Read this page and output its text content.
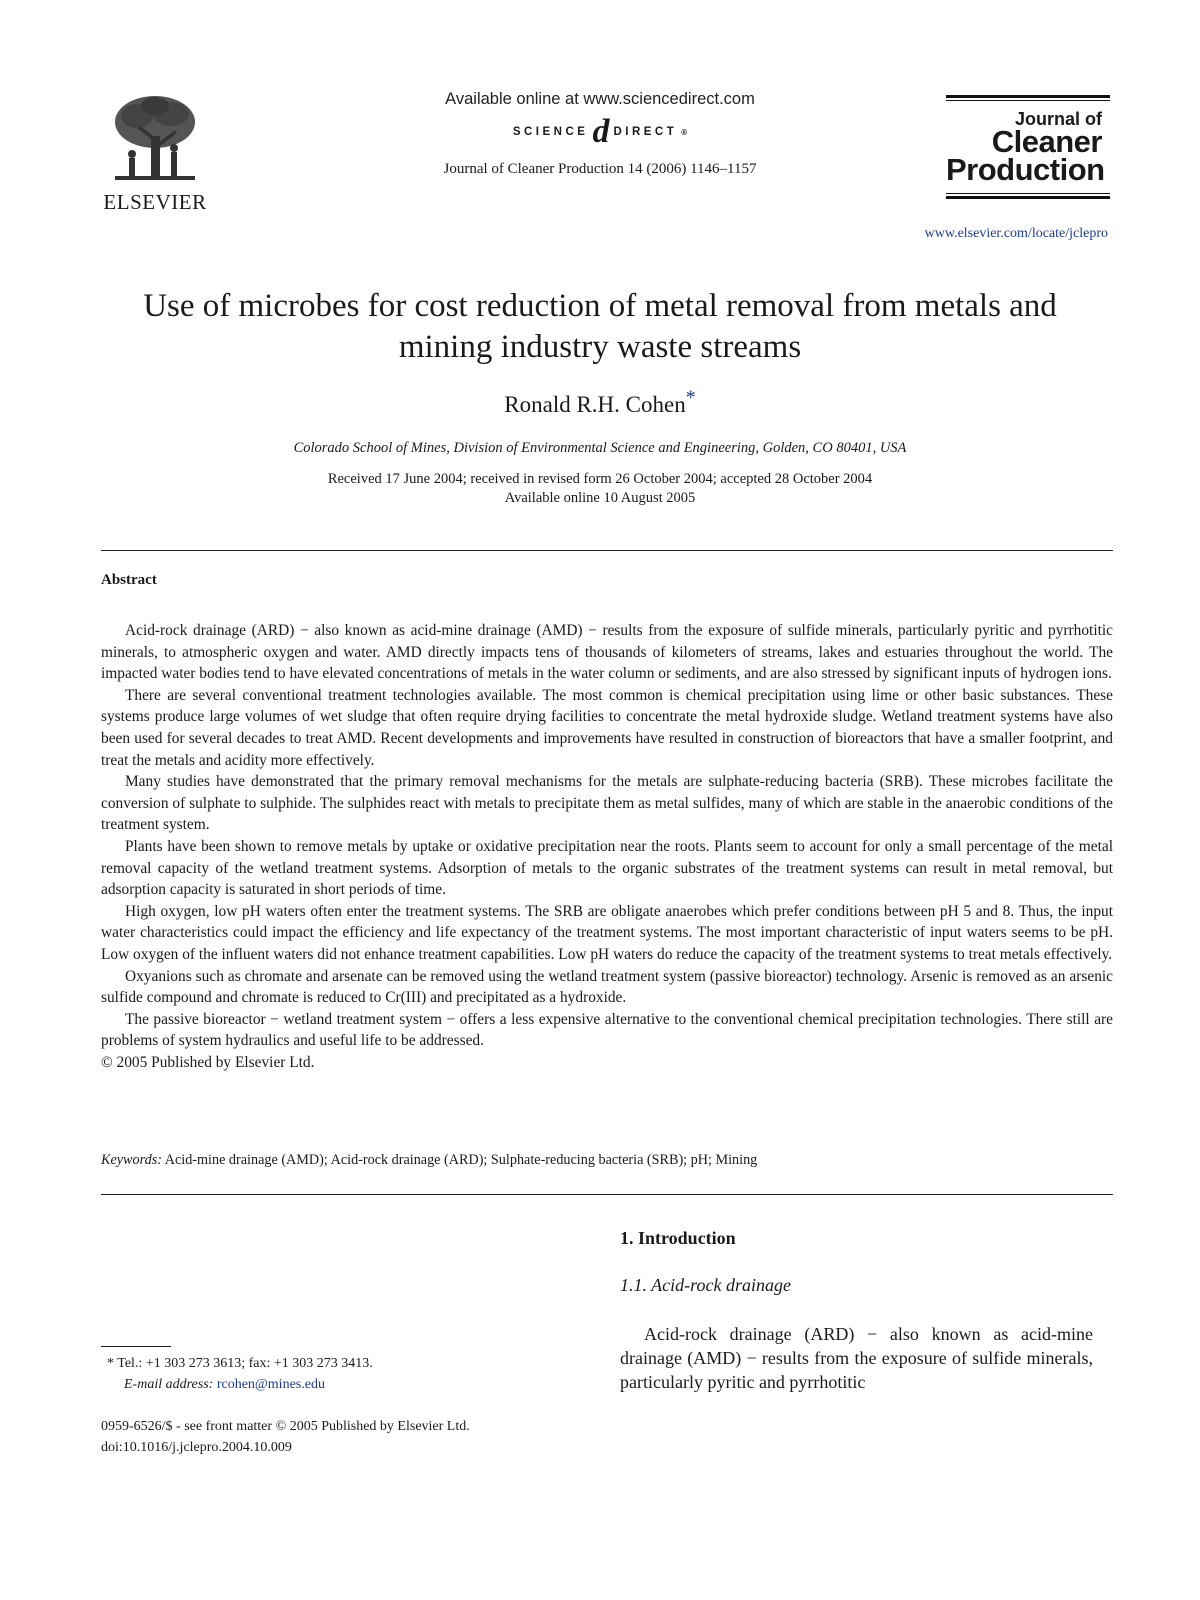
ELSEVIER
Available online at www.sciencedirect.com
SCIENCE d DIRECT ®
Journal of Cleaner Production 14 (2006) 1146–1157
Journal of
Cleaner
Production
www.elsevier.com/locate/jclepro
Use of microbes for cost reduction of metal removal from metals and mining industry waste streams
Ronald R.H. Cohen*
Colorado School of Mines, Division of Environmental Science and Engineering, Golden, CO 80401, USA
Received 17 June 2004; received in revised form 26 October 2004; accepted 28 October 2004
Available online 10 August 2005
Abstract

Acid-rock drainage (ARD) − also known as acid-mine drainage (AMD) − results from the exposure of sulfide minerals, particularly pyritic and pyrrhotitic minerals, to atmospheric oxygen and water. AMD directly impacts tens of thousands of kilometers of streams, lakes and estuaries throughout the world. The impacted water bodies tend to have elevated concentrations of metals in the water column or sediments, and are also stressed by significant inputs of hydrogen ions.

There are several conventional treatment technologies available. The most common is chemical precipitation using lime or other basic substances. These systems produce large volumes of wet sludge that often require drying facilities to concentrate the metal hydroxide sludge. Wetland treatment systems have also been used for several decades to treat AMD. Recent developments and improvements have resulted in construction of bioreactors that have a smaller footprint, and treat the metals and acidity more effectively.

Many studies have demonstrated that the primary removal mechanisms for the metals are sulphate-reducing bacteria (SRB). These microbes facilitate the conversion of sulphate to sulphide. The sulphides react with metals to precipitate them as metal sulfides, many of which are stable in the anaerobic conditions of the treatment system.

Plants have been shown to remove metals by uptake or oxidative precipitation near the roots. Plants seem to account for only a small percentage of the metal removal capacity of the wetland treatment systems. Adsorption of metals to the organic substrates of the treatment systems can result in metal removal, but adsorption capacity is saturated in short periods of time.

High oxygen, low pH waters often enter the treatment systems. The SRB are obligate anaerobes which prefer conditions between pH 5 and 8. Thus, the input water characteristics could impact the efficiency and life expectancy of the treatment systems. The most important characteristic of input waters seems to be pH. Low oxygen of the influent waters did not enhance treatment capabilities. Low pH waters do reduce the capacity of the treatment systems to treat metals effectively.

Oxyanions such as chromate and arsenate can be removed using the wetland treatment system (passive bioreactor) technology. Arsenic is removed as an arsenic sulfide compound and chromate is reduced to Cr(III) and precipitated as a hydroxide.

The passive bioreactor − wetland treatment system − offers a less expensive alternative to the conventional chemical precipitation technologies. There still are problems of system hydraulics and useful life to be addressed.

© 2005 Published by Elsevier Ltd.

Keywords: Acid-mine drainage (AMD); Acid-rock drainage (ARD); Sulphate-reducing bacteria (SRB); pH; Mining
* Tel.: +1 303 273 3613; fax: +1 303 273 3413.
E-mail address: rcohen@mines.edu
0959-6526/$ - see front matter © 2005 Published by Elsevier Ltd.
doi:10.1016/j.jclepro.2004.10.009
1. Introduction
1.1. Acid-rock drainage
Acid-rock drainage (ARD) − also known as acid-mine drainage (AMD) − results from the exposure of sulfide minerals, particularly pyritic and pyrrhotitic
